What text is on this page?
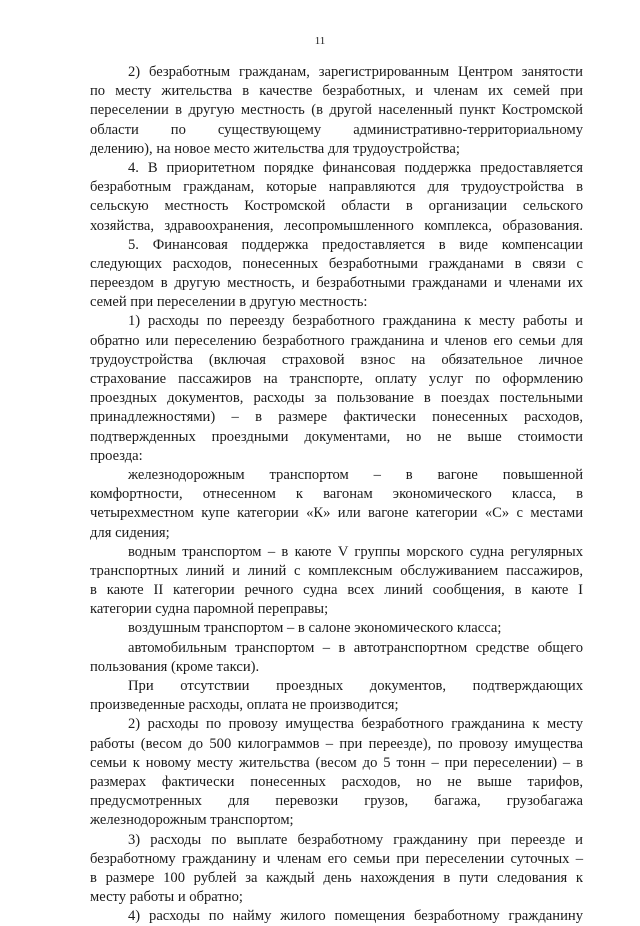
11
2) безработным гражданам, зарегистрированным Центром занятости
по месту жительства в качестве безработных, и членам их семей при
переселении в другую местность (в другой населенный пункт Костромской
области по существующему административно-территориальному
делению), на новое место жительства для трудоустройства;
4. В приоритетном порядке финансовая поддержка предоставляется
безработным гражданам, которые направляются для трудоустройства в
сельскую местность Костромской области в организации сельского
хозяйства, здравоохранения, лесопромышленного комплекса, образования.
5. Финансовая поддержка предоставляется в виде компенсации
следующих расходов, понесенных безработными гражданами в связи с
переездом в другую местность, и безработными гражданами и членами их
семей при переселении в другую местность:
1) расходы по переезду безработного гражданина к месту работы и
обратно или переселению безработного гражданина и членов его семьи для
трудоустройства (включая страховой взнос на обязательное личное
страхование пассажиров на транспорте, оплату услуг по оформлению
проездных документов, расходы за пользование в поездах постельными
принадлежностями) – в размере фактически понесенных расходов,
подтвержденных проездными документами, но не выше стоимости
проезда:
железнодорожным транспортом – в вагоне повышенной
комфортности, отнесенном к вагонам экономического класса, в
четырехместном купе категории «К» или вагоне категории «С» с местами
для сидения;
водным транспортом – в каюте V группы морского судна регулярных
транспортных линий и линий с комплексным обслуживанием пассажиров,
в каюте II категории речного судна всех линий сообщения, в каюте I
категории судна паромной переправы;
воздушным транспортом – в салоне экономического класса;
автомобильным транспортом – в автотранспортном средстве общего
пользования (кроме такси).
При отсутствии проездных документов, подтверждающих
произведенные расходы, оплата не производится;
2) расходы по провозу имущества безработного гражданина к месту
работы (весом до 500 килограммов – при переезде), по провозу имущества
семьи к новому месту жительства (весом до 5 тонн – при переселении) – в
размерах фактически понесенных расходов, но не выше тарифов,
предусмотренных для перевозки грузов, багажа, грузобагажа
железнодорожным транспортом;
3) расходы по выплате безработному гражданину при переезде и
безработному гражданину и членам его семьи при переселении суточных –
в размере 100 рублей за каждый день нахождения в пути следования к
месту работы и обратно;
4) расходы по найму жилого помещения безработному гражданину
